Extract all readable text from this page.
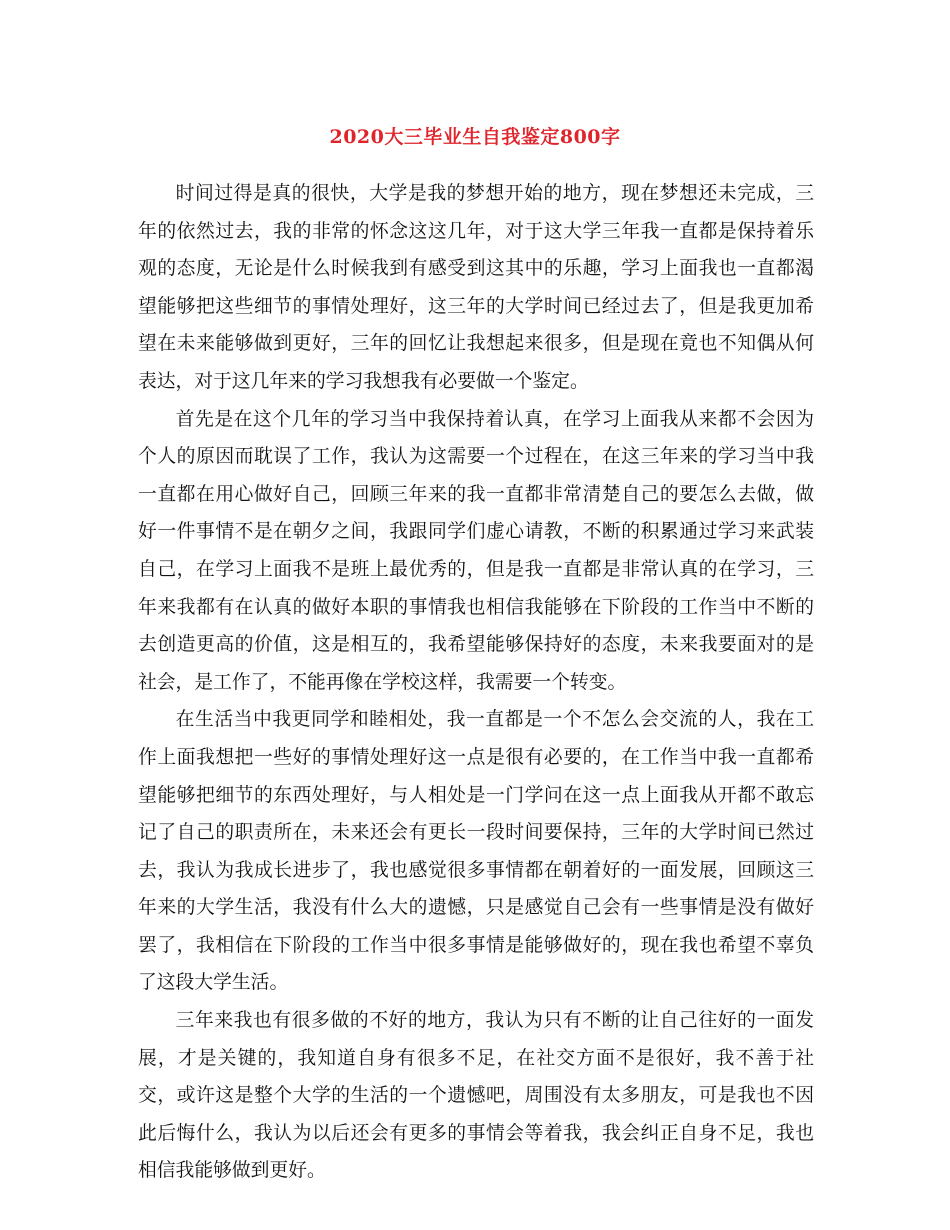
2020大三毕业生自我鉴定800字

时间过得是真的很快，大学是我的梦想开始的地方，现在梦想还未完成，三年的依然过去，我的非常的怀念这这几年，对于这大学三年我一直都是保持着乐观的态度，无论是什么时候我到有感受到这其中的乐趣，学习上面我也一直都渴望能够把这些细节的事情处理好，这三年的大学时间已经过去了，但是我更加希望在未来能够做到更好，三年的回忆让我想起来很多，但是现在竟也不知偶从何表达，对于这几年来的学习我想我有必要做一个鉴定。

首先是在这个几年的学习当中我保持着认真，在学习上面我从来都不会因为个人的原因而耽误了工作，我认为这需要一个过程在，在这三年来的学习当中我一直都在用心做好自己，回顾三年来的我一直都非常清楚自己的要怎么去做，做好一件事情不是在朝夕之间，我跟同学们虚心请教，不断的积累通过学习来武装自己，在学习上面我不是班上最优秀的，但是我一直都是非常认真的在学习，三年来我都有在认真的做好本职的事情我也相信我能够在下阶段的工作当中不断的去创造更高的价值，这是相互的，我希望能够保持好的态度，未来我要面对的是社会，是工作了，不能再像在学校这样，我需要一个转变。

在生活当中我更同学和睦相处，我一直都是一个不怎么会交流的人，我在工作上面我想把一些好的事情处理好这一点是很有必要的，在工作当中我一直都希望能够把细节的东西处理好，与人相处是一门学问在这一点上面我从开都不敢忘记了自己的职责所在，未来还会有更长一段时间要保持，三年的大学时间已然过去，我认为我成长进步了，我也感觉很多事情都在朝着好的一面发展，回顾这三年来的大学生活，我没有什么大的遗憾，只是感觉自己会有一些事情是没有做好罢了，我相信在下阶段的工作当中很多事情是能够做好的，现在我也希望不辜负了这段大学生活。

三年来我也有很多做的不好的地方，我认为只有不断的让自己往好的一面发展，才是关键的，我知道自身有很多不足，在社交方面不是很好，我不善于社交，或许这是整个大学的生活的一个遗憾吧，周围没有太多朋友，可是我也不因此后悔什么，我认为以后还会有更多的事情会等着我，我会纠正自身不足，我也相信我能够做到更好。
